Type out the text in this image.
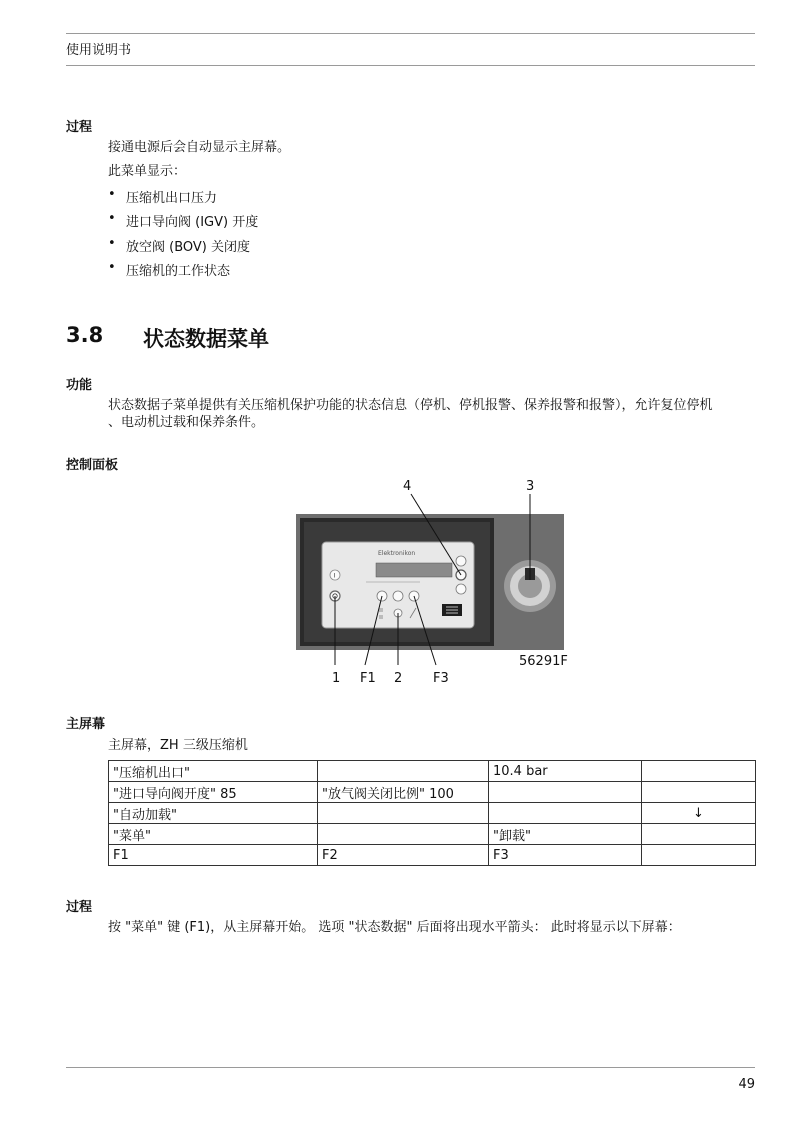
使用说明书
过程
接通电源后会自动显示主屏幕。
此菜单显示：
• 压缩机出口压力
• 进口导向阀 (IGV) 开度
• 放空阀 (BOV) 关闭度
• 压缩机的工作状态
3.8 状态数据菜单
功能
状态数据子菜单提供有关压缩机保护功能的状态信息（停机、停机报警、保养报警和报警），允许复位停机
、电动机过载和保养条件。
控制面板
Elektronikon
I
4	3
56291F
1 F1 2 F3
主屏幕
主屏幕，ZH 三级压缩机
"压缩机出口"		10.4 bar	
"进口导向阀开度" 85	"放气阀关闭比例" 100		
"自动加载"			↓
"菜单"		"卸载"	
F1	F2	F3	
过程
按 "菜单" 键 (F1)，从主屏幕开始。 选项 "状态数据" 后面将出现水平箭头： 此时将显示以下屏幕：
49
